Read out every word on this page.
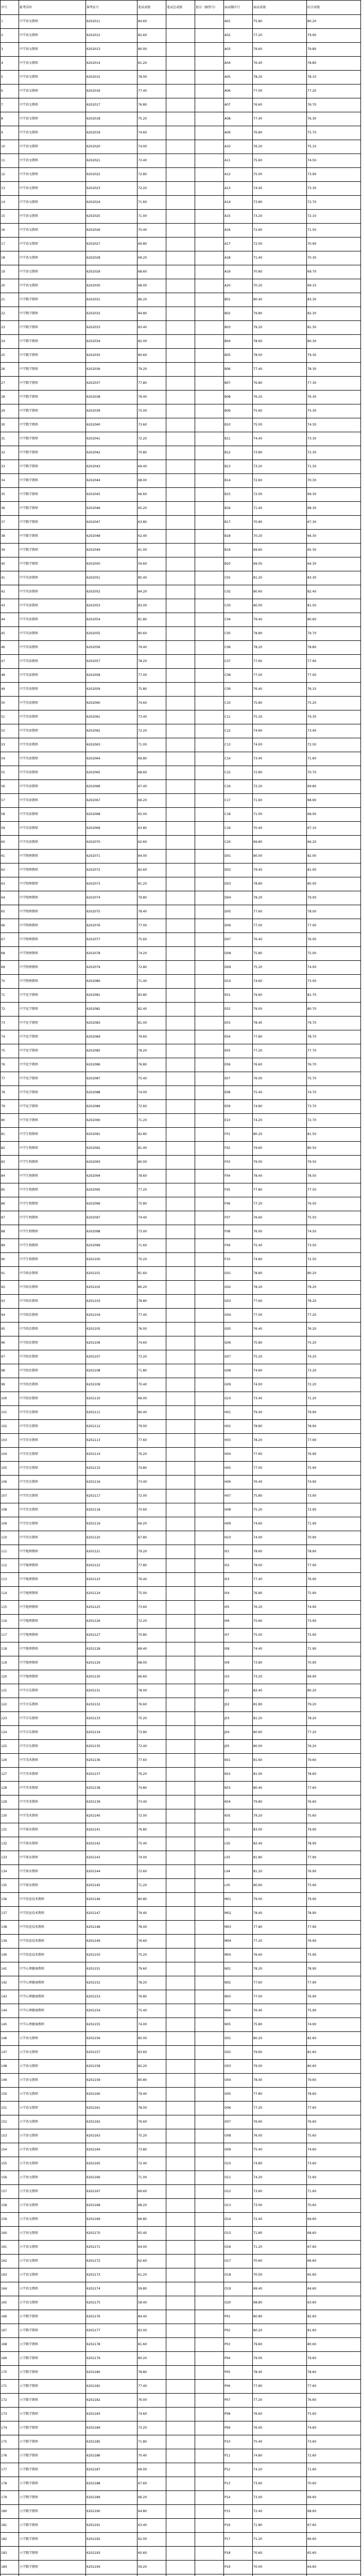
序号	报考岗位	准考证号	笔试成绩	笔试总成绩	加分（抽签号）	面试顺序号	面试成绩	综合成绩
1	中学语文教师	6202011	84.60			A01	75.80	80.20
2	中学语文教师	6202012	82.60			A02	77.20	79.90
3	中学语文教师	6202013	80.00			A03	79.60	79.80
4	中学语文教师	6202014	81.20			A04	76.40	78.80
5	中学语文教师	6202015	78.00			A05	78.20	78.10
6	中学语文教师	6202016	77.40			A06	77.00	77.20
7	中学语文教师	6202017	76.80			A07	76.60	76.70
8	中学语文教师	6202018	75.20			A08	77.40	76.30
9	中学语文教师	6202019	74.60			A09	76.80	75.70
10	中学语文教师	6202020	74.00			A10	76.20	75.10
11	中学语文教师	6202021	73.40			A11	75.60	74.50
12	中学语文教师	6202022	72.80			A12	75.00	73.90
13	中学语文教师	6202023	72.20			A13	74.40	73.30
14	中学语文教师	6202024	71.60			A14	73.80	72.70
15	中学语文教师	6202025	71.00			A15	73.20	72.10
16	中学语文教师	6202026	70.40			A16	72.60	71.50
17	中学语文教师	6202027	69.80			A17	72.00	70.90
18	中学语文教师	6202028	69.20			A18	71.40	70.30
19	中学语文教师	6202029	68.60			A19	70.80	69.70
20	中学语文教师	6202030	68.00			A20	70.20	69.10
21	中学数学教师	6202031	86.20			B01	80.40	83.30
22	中学数学教师	6202032	84.80			B02	79.80	82.30
23	中学数学教师	6202033	83.40			B03	79.20	81.30
24	中学数学教师	6202034	82.00			B04	78.60	80.30
25	中学数学教师	6202035	80.60			B05	78.00	79.30
26	中学数学教师	6202036	79.20			B06	77.40	78.30
27	中学数学教师	6202037	77.80			B07	76.80	77.30
28	中学数学教师	6202038	76.40			B08	76.20	76.30
29	中学数学教师	6202039	75.00			B09	75.60	75.30
30	中学数学教师	6202040	73.60			B10	75.00	74.30
31	中学数学教师	6202041	72.20			B11	74.40	73.30
32	中学数学教师	6202042	70.80			B12	73.80	72.30
33	中学数学教师	6202043	69.40			B13	73.20	71.30
34	中学数学教师	6202044	68.00			B14	72.60	70.30
35	中学数学教师	6202045	66.60			B15	72.00	69.30
36	中学数学教师	6202046	65.20			B16	71.40	68.30
37	中学数学教师	6202047	63.80			B17	70.80	67.30
38	中学数学教师	6202048	62.40			B18	70.20	66.30
39	中学数学教师	6202049	61.00			B19	69.60	65.30
40	中学数学教师	6202050	59.60			B20	69.00	64.30
41	中学英语教师	6202051	85.40			C01	81.20	83.30
42	中学英语教师	6202052	84.20			C02	80.60	82.40
43	中学英语教师	6202053	83.00			C03	80.00	81.50
44	中学英语教师	6202054	81.80			C04	79.40	80.60
45	中学英语教师	6202055	80.60			C05	78.80	79.70
46	中学英语教师	6202056	79.40			C06	78.20	78.80
47	中学英语教师	6202057	78.20			C07	77.60	77.90
48	中学英语教师	6202058	77.00			C08	77.00	77.00
49	中学英语教师	6202059	75.80			C09	76.40	76.10
50	中学英语教师	6202060	74.60			C10	75.80	75.20
51	中学英语教师	6202061	73.40			C11	75.20	74.30
52	中学英语教师	6202062	72.20			C12	74.60	73.40
53	中学英语教师	6202063	71.00			C13	74.00	72.50
54	中学英语教师	6202064	69.80			C14	73.40	71.60
55	中学英语教师	6202065	68.60			C15	72.80	70.70
56	中学英语教师	6202066	67.40			C16	72.20	69.80
57	中学英语教师	6202067	66.20			C17	71.60	68.90
58	中学英语教师	6202068	65.00			C18	71.00	68.00
59	中学英语教师	6202069	63.80			C19	70.40	67.10
60	中学英语教师	6202070	62.60			C20	69.80	66.20
61	中学物理教师	6202071	84.00			D01	80.00	82.00
62	中学物理教师	6202072	82.60			D02	79.40	81.00
63	中学物理教师	6202073	81.20			D03	78.80	80.00
64	中学物理教师	6202074	79.80			D04	78.20	79.00
65	中学物理教师	6202075	78.40			D05	77.60	78.00
66	中学物理教师	6202076	77.00			D06	77.00	77.00
67	中学物理教师	6202077	75.60			D07	76.40	76.00
68	中学物理教师	6202078	74.20			D08	75.80	75.00
69	中学物理教师	6202079	72.80			D09	75.20	74.00
70	中学物理教师	6202080	71.40			D10	74.60	73.00
71	中学化学教师	6202081	83.80			E01	79.60	81.70
72	中学化学教师	6202082	82.40			E02	79.00	80.70
73	中学化学教师	6202083	81.00			E03	78.40	79.70
74	中学化学教师	6202084	79.60			E04	77.80	78.70
75	中学化学教师	6202085	78.20			E05	77.20	77.70
76	中学化学教师	6202086	76.80			E06	76.60	76.70
77	中学化学教师	6202087	75.40			E07	76.00	75.70
78	中学化学教师	6202088	74.00			E08	75.40	74.70
79	中学化学教师	6202089	72.60			E09	74.80	73.70
80	中学化学教师	6202090	71.20			E10	74.20	72.70
81	中学生物教师	6202091	82.80			F01	80.20	81.50
82	中学生物教师	6202092	81.40			F02	79.60	80.50
83	中学生物教师	6202093	80.00			F03	79.00	79.50
84	中学生物教师	6202094	78.60			F04	78.40	78.50
85	中学生物教师	6202095	77.20			F05	77.80	77.50
86	中学生物教师	6202096	75.80			F06	77.20	76.50
87	中学生物教师	6202097	74.40			F07	76.60	75.50
88	中学生物教师	6202098	73.00			F08	76.00	74.50
89	中学生物教师	6202099	71.60			F09	75.40	73.50
90	中学生物教师	6202100	70.20			F10	74.80	72.50
91	中学政治教师	6202101	81.60			G01	78.80	80.20
92	中学政治教师	6202102	80.20			G02	78.20	79.20
93	中学政治教师	6202103	78.80			G03	77.60	78.20
94	中学政治教师	6202104	77.40			G04	77.00	77.20
95	中学政治教师	6202105	76.00			G05	76.40	76.20
96	中学政治教师	6202106	74.60			G06	75.80	75.20
97	中学政治教师	6202107	73.20			G07	75.20	74.20
98	中学政治教师	6202108	71.80			G08	74.60	73.20
99	中学政治教师	6202109	70.40			G09	74.00	72.20
100	中学政治教师	6202110	69.00			G10	73.40	71.20
101	中学历史教师	6202111	80.40			H01	79.40	79.90
102	中学历史教师	6202112	79.00			H02	78.80	78.90
103	中学历史教师	6202113	77.60			H03	78.20	77.90
104	中学历史教师	6202114	76.20			H04	77.60	76.90
105	中学历史教师	6202115	74.80			H05	77.00	75.90
106	中学历史教师	6202116	73.40			H06	76.40	74.90
107	中学历史教师	6202117	72.00			H07	75.80	73.90
108	中学历史教师	6202118	70.60			H08	75.20	72.90
109	中学历史教师	6202119	69.20			H09	74.60	71.90
110	中学历史教师	6202120	67.80			H10	74.00	70.90
111	中学地理教师	6202121	79.20			I01	78.60	78.90
112	中学地理教师	6202122	77.80			I02	78.00	77.90
113	中学地理教师	6202123	76.40			I03	77.40	76.90
114	中学地理教师	6202124	75.00			I04	76.80	75.90
115	中学地理教师	6202125	73.60			I05	76.20	74.90
116	中学地理教师	6202126	72.20			I06	75.60	73.90
117	中学地理教师	6202127	70.80			I07	75.00	72.90
118	中学地理教师	6202128	69.40			I08	74.40	71.90
119	中学地理教师	6202129	68.00			I09	73.80	70.90
120	中学地理教师	6202130	66.60			I10	73.20	69.90
121	中学音乐教师	6202131	78.00			J01	82.40	80.20
122	中学音乐教师	6202132	76.60			J02	81.80	79.20
123	中学音乐教师	6202133	75.20			J03	81.20	78.20
124	中学音乐教师	6202134	73.80			J04	80.60	77.20
125	中学音乐教师	6202135	72.40			J05	80.00	76.20
126	中学美术教师	6202136	77.60			K01	81.60	79.60
127	中学美术教师	6202137	76.20			K02	81.00	78.60
128	中学美术教师	6202138	74.80			K03	80.40	77.60
129	中学美术教师	6202139	73.40			K04	79.80	76.60
130	中学美术教师	6202140	72.00			K05	79.20	75.60
131	中学体育教师	6202141	76.80			L01	83.00	79.90
132	中学体育教师	6202142	75.40			L02	82.40	78.90
133	中学体育教师	6202143	74.00			L03	81.80	77.90
134	中学体育教师	6202144	72.60			L04	81.20	76.90
135	中学体育教师	6202145	71.20			L05	80.60	75.90
136	中学信息技术教师	6202146	80.80			M01	79.00	79.90
137	中学信息技术教师	6202147	79.40			M02	78.40	78.90
138	中学信息技术教师	6202148	78.00			M03	77.80	77.90
139	中学信息技术教师	6202149	76.60			M04	77.20	76.90
140	中学信息技术教师	6202150	75.20			M05	76.60	75.90
141	中学心理健康教师	6202151	79.60			N01	78.20	78.90
142	中学心理健康教师	6202152	78.20			N02	77.60	77.90
143	中学心理健康教师	6202153	76.80			N03	77.00	76.90
144	中学心理健康教师	6202154	75.40			N04	76.40	75.90
145	中学心理健康教师	6202155	74.00			N05	75.80	74.90
146	小学语文教师	6202156	85.00			O01	80.20	82.60
147	小学语文教师	6202157	83.60			O02	79.60	81.60
148	小学语文教师	6202158	82.20			O03	79.00	80.60
149	小学语文教师	6202159	80.80			O04	78.40	79.60
150	小学语文教师	6202160	79.40			O05	77.80	78.60
151	小学语文教师	6202161	78.00			O06	77.20	77.60
152	小学语文教师	6202162	76.60			O07	76.60	76.60
153	小学语文教师	6202163	75.20			O08	76.00	75.60
154	小学语文教师	6202164	73.80			O09	75.40	74.60
155	小学语文教师	6202165	72.40			O10	74.80	73.60
156	小学语文教师	6202166	71.00			O11	74.20	72.60
157	小学语文教师	6202167	69.60			O12	73.60	71.60
158	小学语文教师	6202168	68.20			O13	73.00	70.60
159	小学语文教师	6202169	66.80			O14	72.40	69.60
160	小学语文教师	6202170	65.40			O15	71.80	68.60
161	小学语文教师	6202171	64.00			O16	71.20	67.60
162	小学语文教师	6202172	62.60			O17	70.60	66.60
163	小学语文教师	6202173	61.20			O18	70.00	65.60
164	小学语文教师	6202174	59.80			O19	69.40	64.60
165	小学语文教师	6202175	58.40			O20	68.80	63.60
166	小学数学教师	6202176	84.40			P01	80.80	82.60
167	小学数学教师	6202177	83.00			P02	80.20	81.60
168	小学数学教师	6202178	81.60			P03	79.60	80.60
169	小学数学教师	6202179	80.20			P04	79.00	79.60
170	小学数学教师	6202180	78.80			P05	78.40	78.60
171	小学数学教师	6202181	77.40			P06	77.80	77.60
172	小学数学教师	6202182	76.00			P07	77.20	76.60
173	小学数学教师	6202183	74.60			P08	76.60	75.60
174	小学数学教师	6202184	73.20			P09	76.00	74.60
175	小学数学教师	6202185	71.80			P10	75.40	73.60
176	小学数学教师	6202186	70.40			P11	74.80	72.60
177	小学数学教师	6202187	69.00			P12	74.20	71.60
178	小学数学教师	6202188	67.60			P13	73.60	70.60
179	小学数学教师	6202189	66.20			P14	73.00	69.60
180	小学数学教师	6202190	64.80			P15	72.40	68.60
181	小学数学教师	6202191	63.40			P16	71.80	67.60
182	小学数学教师	6202192	62.00			P17	71.20	66.60
183	小学数学教师	6202193	60.60			P18	70.60	65.60
184	小学数学教师	6202194	59.20			P19	70.00	64.60
